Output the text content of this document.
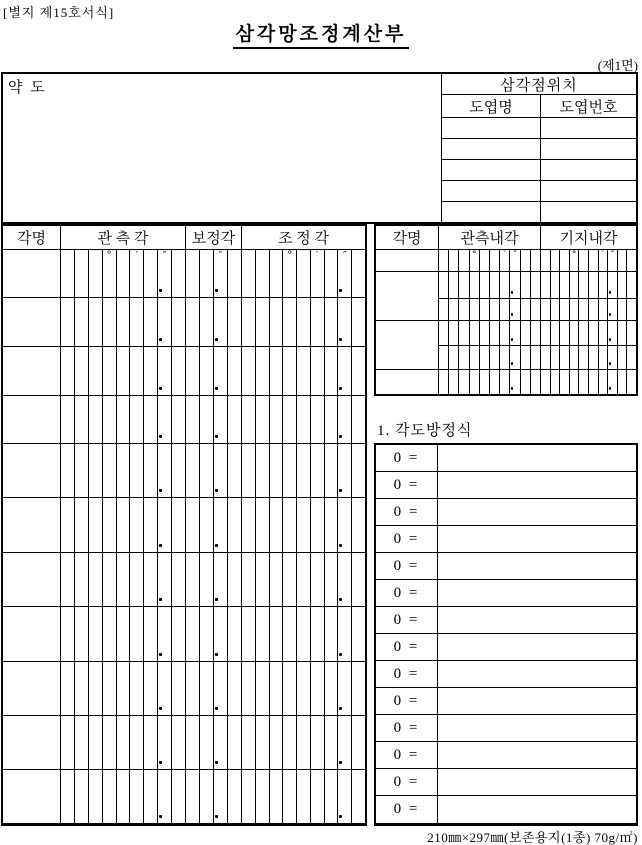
[별지 제15호서식]
삼각망조정계산부
(제1면)
약 도	삼각점위치
도엽명	도엽번호
각명	관 측 각	보정각	조 정 각
° ′ ″	″	° ′ ″
각명	관측내각	기지내각
°	′ ″	°	′ ″
1. 각도방정식
0 =
0 =
0 =
0 =
0 =
0 =
0 =
0 =
0 =
0 =
0 =
0 =
0 =
0 =
210㎜×297㎜(보존용지(1종) 70g/㎡)
